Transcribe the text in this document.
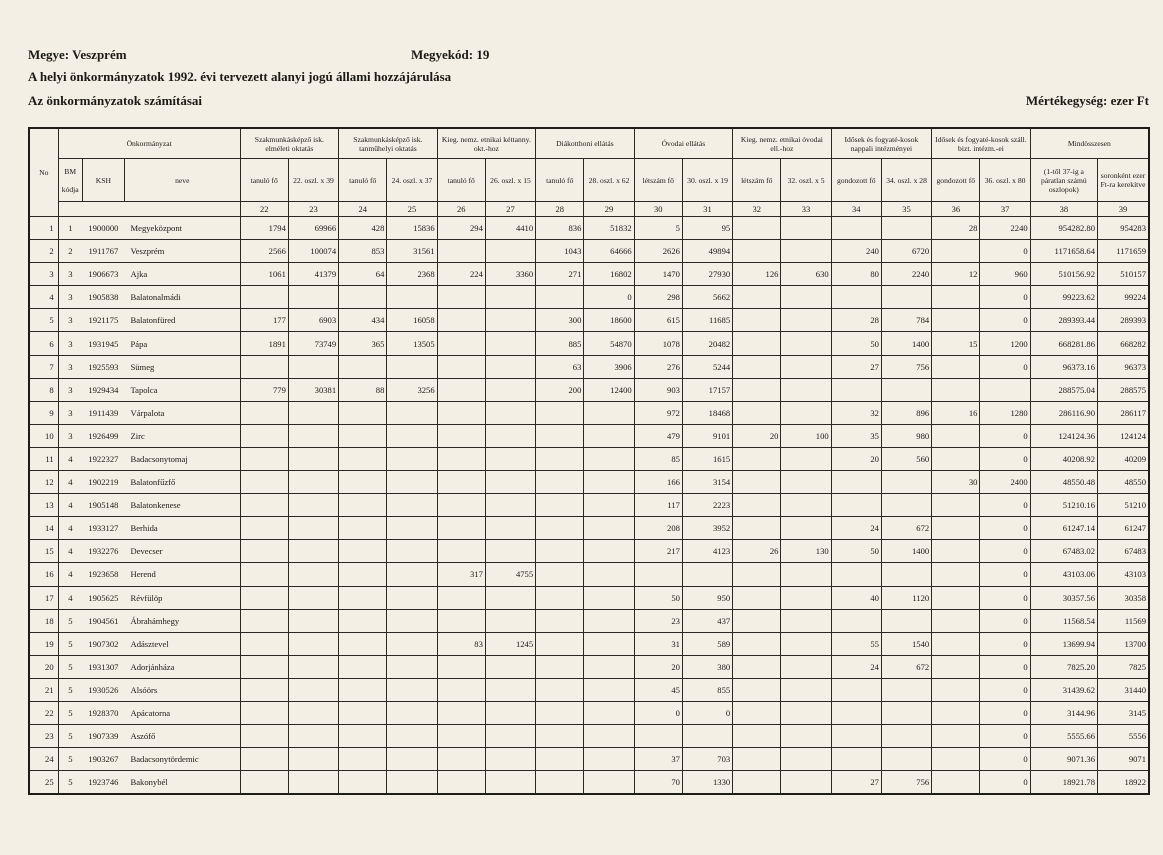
Megye: Veszprém	Megyekód: 19
A helyi önkormányzatok 1992. évi tervezett alanyi jogú állami hozzájárulása
Az önkormányzatok számításai	Mértékegység: ezer Ft
No	Önkormányzat			Szakmunkásképző isk. elméleti oktatás		Szakmunkásképző isk. tanműhelyi oktatás		Kieg. nemz. etnikai kéttanny. okt.-hoz		Diákotthoni ellátás		Óvodai ellátás		Kieg. nemz. etnikai óvodai ell.-hoz		Idősek és fogyaté-kosok nappali intézményei		Idősek és fogyaté-kosok száll. bizt. intézm.-ei		Mindösszesen	
	BM

kódja	KSH	neve	tanuló fő	22. oszl. x 39	tanuló fő	24. oszl. x 37	tanuló fő	26. oszl. x 15	tanuló fő	28. oszl. x 62	létszám fő	30. oszl. x 19	létszám fő	32. oszl. x 5	gondozott fő	34. oszl. x 28	gondozott fő	36. oszl. x 80	(1-től 37-ig a páratlan számú oszlopok)	soronként ezer Ft-ra kerekítve
				22	23	24	25	26	27	28	29	30	31	32	33	34	35	36	37	38	39
1	1	1900000	Megyeközpont	1794	69966	428	15836	294	4410	836	51832	5	95					28	2240	954282.80	954283
2	2	1911767	Veszprém	2566	100074	853	31561			1043	64666	2626	49894			240	6720		0	1171658.64	1171659
3	3	1906673	Ajka	1061	41379	64	2368	224	3360	271	16802	1470	27930	126	630	80	2240	12	960	510156.92	510157
4	3	1905838	Balatonalmádi								0	298	5662						0	99223.62	99224
5	3	1921175	Balatonfüred	177	6903	434	16058			300	18600	615	11685			28	784		0	289393.44	289393
6	3	1931945	Pápa	1891	73749	365	13505			885	54870	1078	20482			50	1400	15	1200	668281.86	668282
7	3	1925593	Sümeg							63	3906	276	5244			27	756		0	96373.16	96373
8	3	1929434	Tapolca	779	30381	88	3256			200	12400	903	17157							288575.04	288575
9	3	1911439	Várpalota									972	18468			32	896	16	1280	286116.90	286117
10	3	1926499	Zirc									479	9101	20	100	35	980		0	124124.36	124124
11	4	1922327	Badacsonytomaj									85	1615			20	560		0	40208.92	40209
12	4	1902219	Balatonfűzfő									166	3154					30	2400	48550.48	48550
13	4	1905148	Balatonkenese									117	2223						0	51210.16	51210
14	4	1933127	Berhida									208	3952			24	672		0	61247.14	61247
15	4	1932276	Devecser									217	4123	26	130	50	1400		0	67483.02	67483
16	4	1923658	Herend					317	4755										0	43103.06	43103
17	4	1905625	Révfülöp									50	950			40	1120		0	30357.56	30358
18	5	1904561	Ábrahámhegy									23	437						0	11568.54	11569
19	5	1907302	Adásztevel					83	1245			31	589			55	1540		0	13699.94	13700
20	5	1931307	Adorjánháza									20	380			24	672		0	7825.20	7825
21	5	1930526	Alsóörs									45	855						0	31439.62	31440
22	5	1928370	Apácatorna									0	0						0	3144.96	3145
23	5	1907339	Aszófő																0	5555.66	5556
24	5	1903267	Badacsonytördemic									37	703						0	9071.36	9071
25	5	1923746	Bakonybél									70	1330			27	756		0	18921.78	18922
